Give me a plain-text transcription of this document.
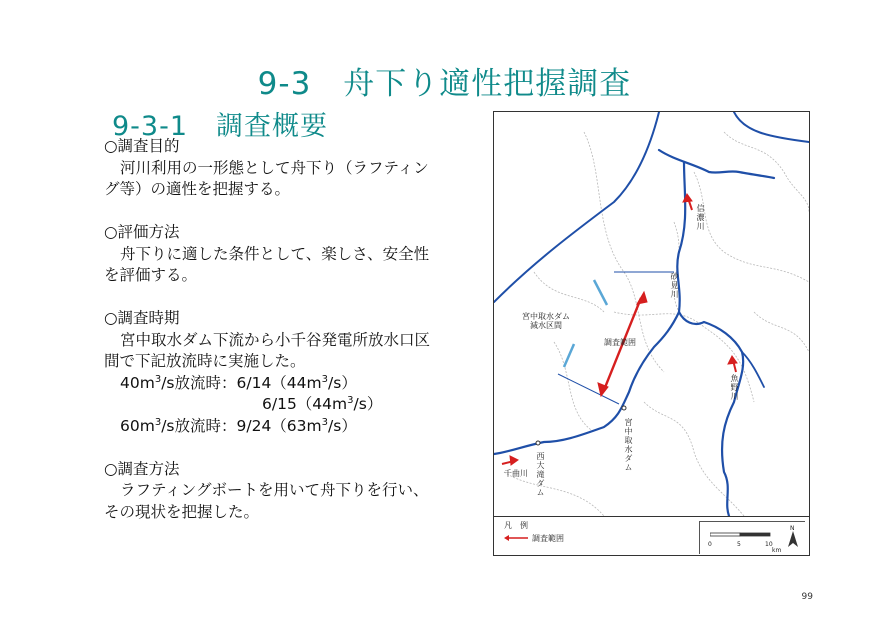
9-3　舟下り適性把握調査
9-3-1　調査概要
○調査目的
河川利用の一形態として舟下り（ラフティン
グ等）の適性を把握する。
○評価方法
舟下りに適した条件として、楽しさ、安全性
を評価する。
○調査時期
宮中取水ダム下流から小千谷発電所放水口区
間で下記放流時に実施した。
$40m^3/s$放流時：$6/14(44m^3/s)$
$6/15(44m^3/s)$
$60m^3/s$放流時：$9/24(63m^3/s)$
○調査方法
ラフティングボートを用いて舟下りを行い、
その現状を把握した。
信濃川
砂見川
宮中取水ダム
減水区間
調査範囲
魚野川
宮中取水ダム
西大滝ダム
千曲川
凡　例
調査範囲
0	5	10
km
N
99
